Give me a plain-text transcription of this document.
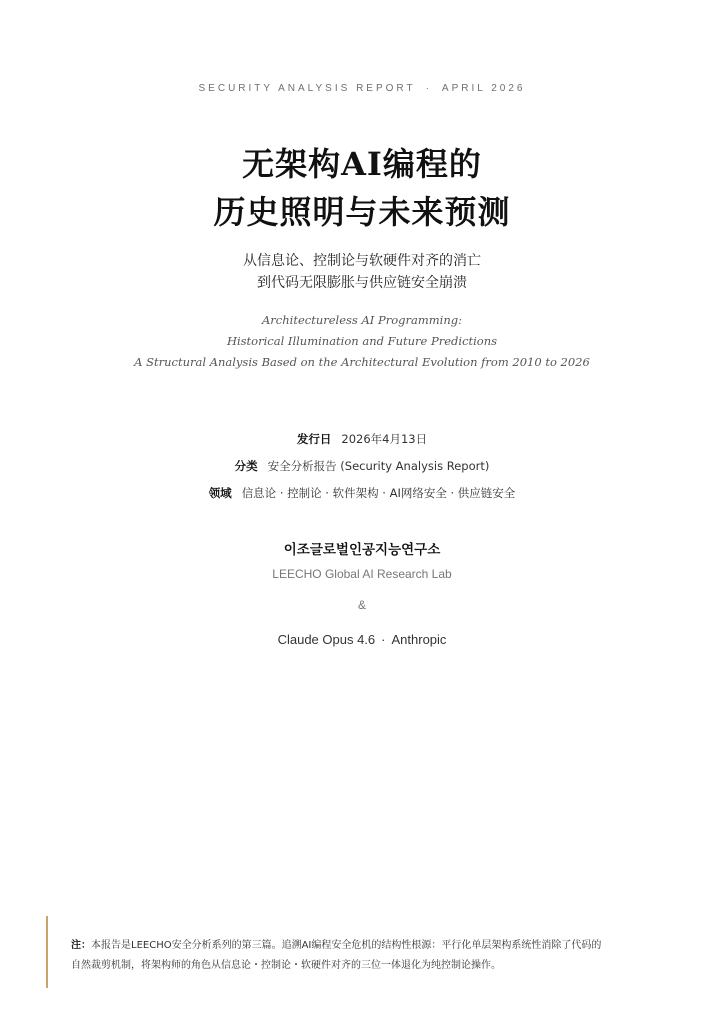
SECURITY ANALYSIS REPORT · APRIL 2026
无架构AI编程的
历史照明与未来预测
从信息论、控制论与软硬件对齐的消亡
到代码无限膨胀与供应链安全崩溃
Architectureless AI Programming:
Historical Illumination and Future Predictions
A Structural Analysis Based on the Architectural Evolution from 2010 to 2026
发行日 2026年4月13日
分类 安全分析报告 (Security Analysis Report)
领域 信息论 · 控制论 · 软件架构 · AI网络安全 · 供应链安全
이조글로벌인공지능연구소
LEECHO Global AI Research Lab
&
Claude Opus 4.6 · Anthropic
注：本报告是LEECHO安全分析系列的第三篇。追溯AI编程安全危机的结构性根源：平行化单层架构系统性消除了代码的
自然裁剪机制，将架构师的角色从信息论・控制论・软硬件对齐的三位一体退化为纯控制论操作。
